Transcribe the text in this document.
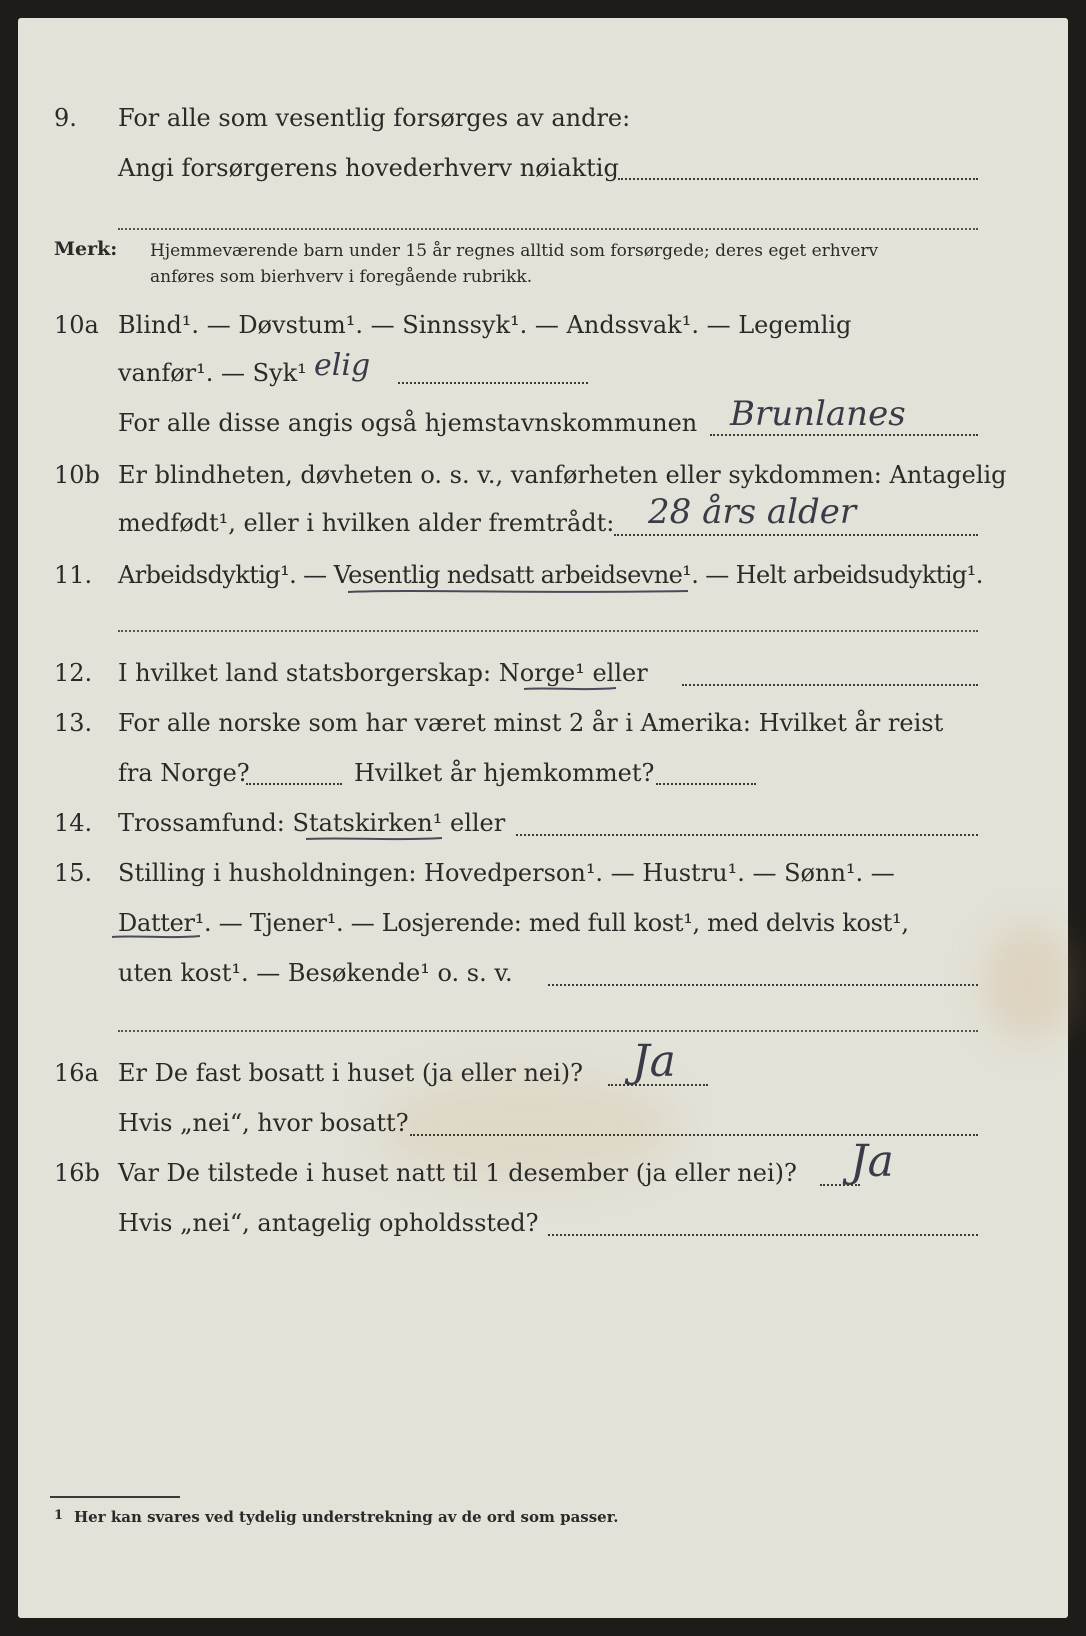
9. For alle som vesentlig forsørges av andre:
Angi forsørgerens hovederhverv nøiaktig
Merk: Hjemmeværende barn under 15 år regnes alltid som forsørgede; deres eget erhverv
anføres som bierhverv i foregående rubrikk.
10a Blind¹. — Døvstum¹. — Sinnssyk¹. — Andssvak¹. — Legemlig
vanfør¹. — Syk¹ elig
For alle disse angis også hjemstavnskommunen Brunlanes
10b Er blindheten, døvheten o. s. v., vanførheten eller sykdommen: Antagelig
medfødt¹, eller i hvilken alder fremtrådt: 28 års alder
11. Arbeidsdyktig¹. — Vesentlig nedsatt arbeidsevne¹. — Helt arbeidsudyktig¹.
12. I hvilket land statsborgerskap: Norge¹ eller
13. For alle norske som har været minst 2 år i Amerika: Hvilket år reist
fra Norge?	Hvilket år hjemkommet?
14. Trossamfund: Statskirken¹ eller
15. Stilling i husholdningen: Hovedperson¹. — Hustru¹. — Sønn¹. —
Datter¹. — Tjener¹. — Losjerende: med full kost¹, med delvis kost¹,
uten kost¹. — Besøkende¹ o. s. v.
16a Er De fast bosatt i huset (ja eller nei)? Ja
Hvis „nei“, hvor bosatt?
16b Var De tilstede i huset natt til 1 desember (ja eller nei)? Ja
Hvis „nei“, antagelig opholdssted?
1 Her kan svares ved tydelig understrekning av de ord som passer.
